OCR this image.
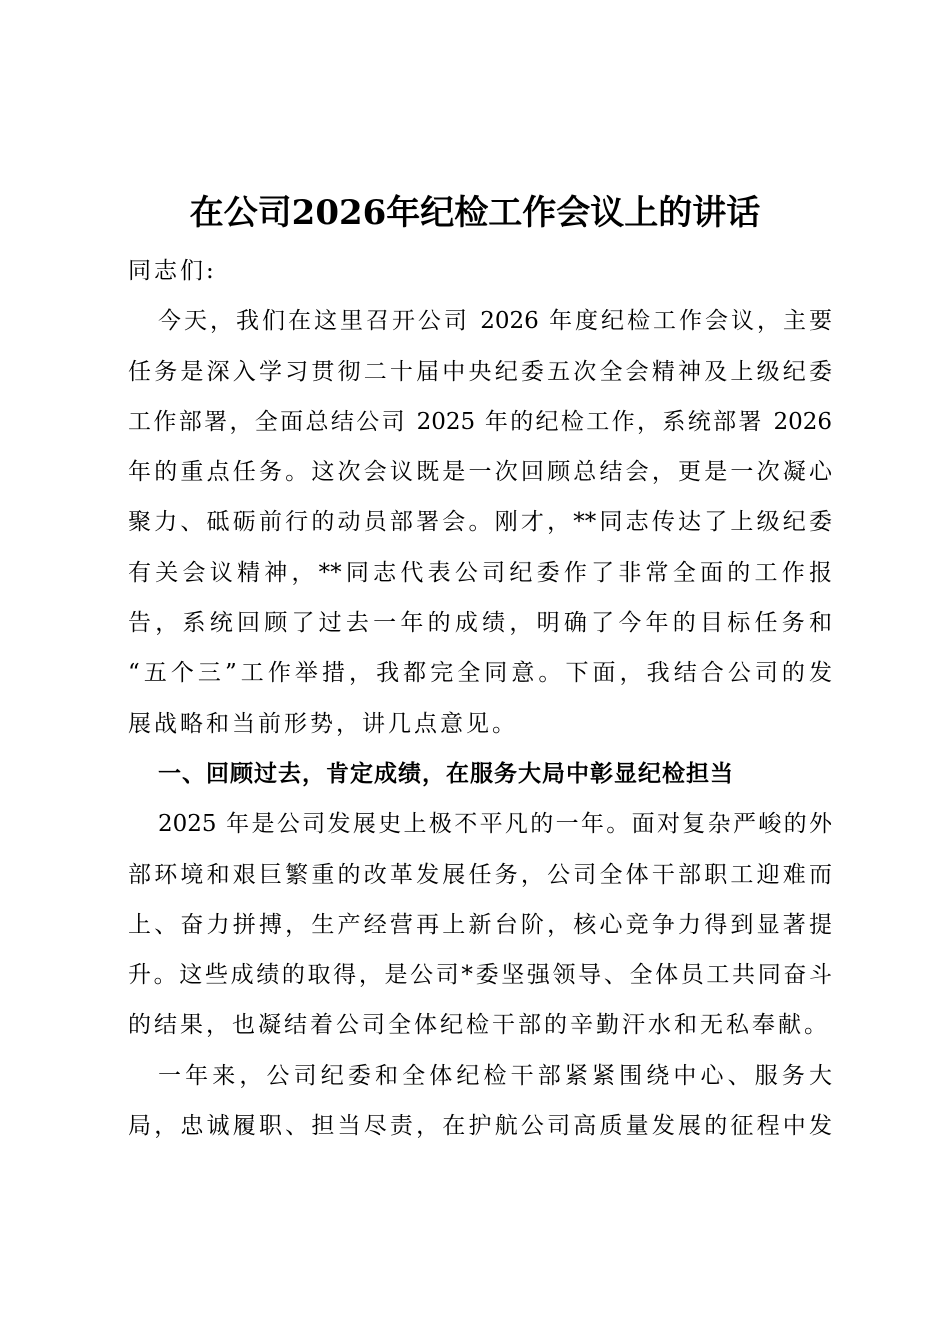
在公司2026年纪检工作会议上的讲话
同志们:
今天，我们在这里召开公司 2026 年度纪检工作会议，主要
任务是深入学习贯彻二十届中央纪委五次全会精神及上级纪委
工作部署，全面总结公司 2025 年的纪检工作，系统部署 2026
年的重点任务。这次会议既是一次回顾总结会，更是一次凝心
聚力、砥砺前行的动员部署会。刚才，**同志传达了上级纪委
有关会议精神，**同志代表公司纪委作了非常全面的工作报
告，系统回顾了过去一年的成绩，明确了今年的目标任务和
“五个三”工作举措，我都完全同意。下面，我结合公司的发
展战略和当前形势，讲几点意见。
一、回顾过去，肯定成绩，在服务大局中彰显纪检担当
2025 年是公司发展史上极不平凡的一年。面对复杂严峻的外
部环境和艰巨繁重的改革发展任务，公司全体干部职工迎难而
上、奋力拼搏，生产经营再上新台阶，核心竞争力得到显著提
升。这些成绩的取得，是公司*委坚强领导、全体员工共同奋斗
的结果，也凝结着公司全体纪检干部的辛勤汗水和无私奉献。
一年来，公司纪委和全体纪检干部紧紧围绕中心、服务大
局，忠诚履职、担当尽责，在护航公司高质量发展的征程中发
